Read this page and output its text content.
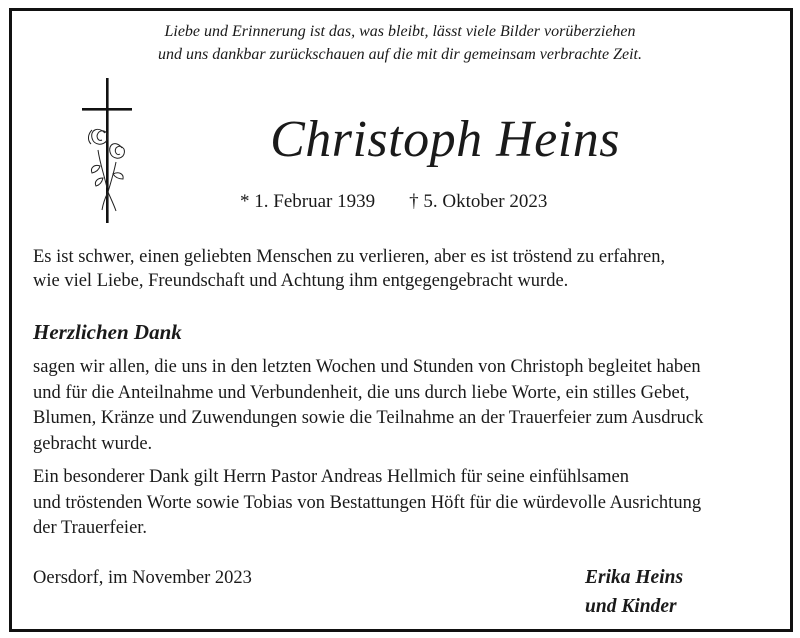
Liebe und Erinnerung ist das, was bleibt, lässt viele Bilder vorüberziehen
und uns dankbar zurückschauen auf die mit dir gemeinsam verbrachte Zeit.
Christoph Heins
* 1. Februar 1939 † 5. Oktober 2023
Es ist schwer, einen geliebten Menschen zu verlieren, aber es ist tröstend zu erfahren,
wie viel Liebe, Freundschaft und Achtung ihm entgegengebracht wurde.
Herzlichen Dank
sagen wir allen, die uns in den letzten Wochen und Stunden von Christoph begleitet haben
und für die Anteilnahme und Verbundenheit, die uns durch liebe Worte, ein stilles Gebet,
Blumen, Kränze und Zuwendungen sowie die Teilnahme an der Trauerfeier zum Ausdruck
gebracht wurde.
Ein besonderer Dank gilt Herrn Pastor Andreas Hellmich für seine einfühlsamen
und tröstenden Worte sowie Tobias von Bestattungen Höft für die würdevolle Ausrichtung
der Trauerfeier.
Oersdorf, im November 2023	Erika Heins
und Kinder
